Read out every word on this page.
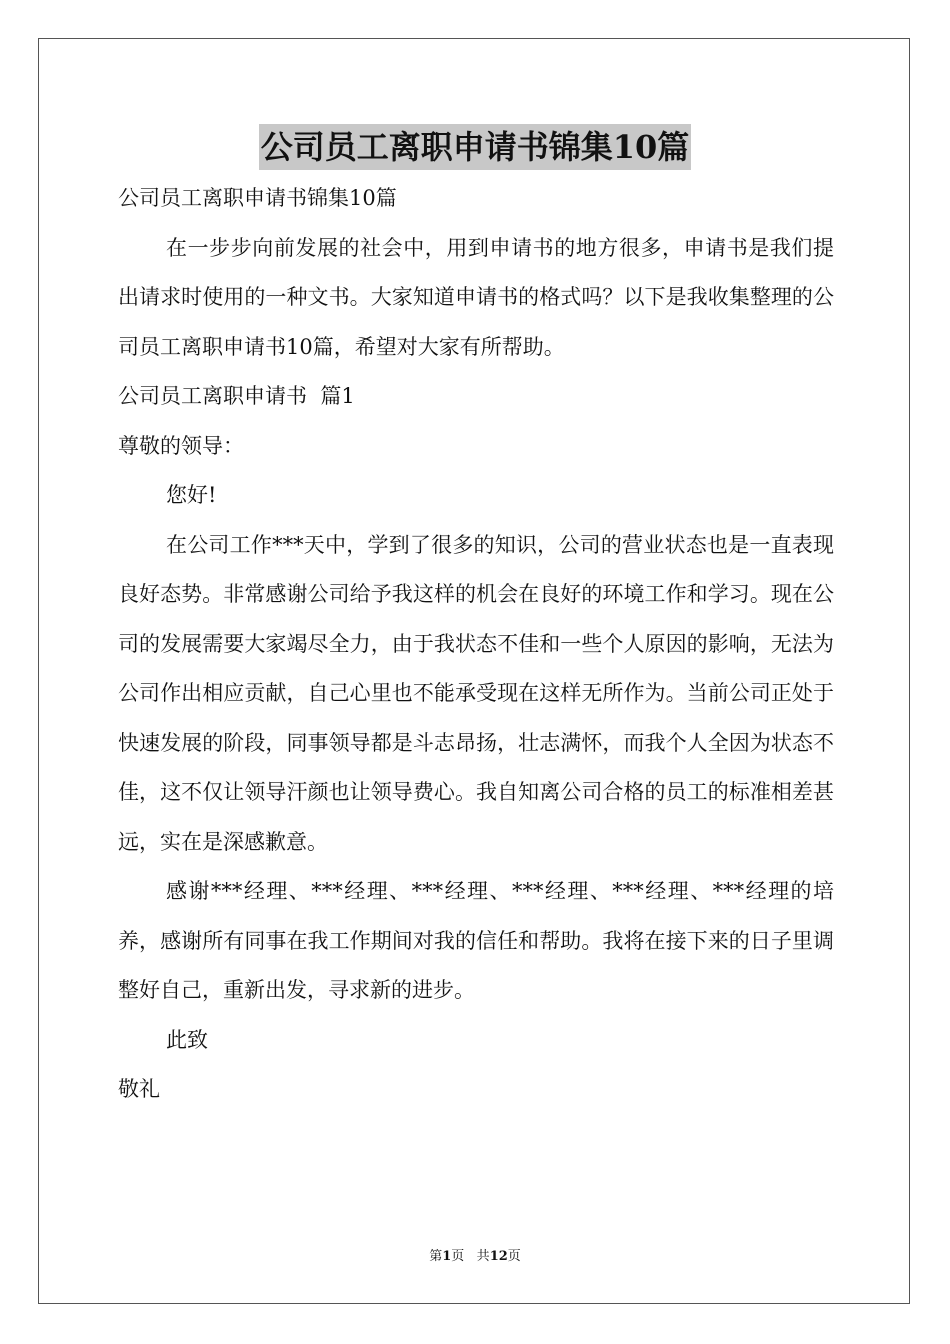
公司员工离职申请书锦集10篇

公司员工离职申请书锦集10篇

在一步步向前发展的社会中，用到申请书的地方很多，申请书是我们提出请求时使用的一种文书。大家知道申请书的格式吗？以下是我收集整理的公司员工离职申请书10篇，希望对大家有所帮助。

公司员工离职申请书  篇1

尊敬的领导：

您好!

在公司工作***天中，学到了很多的知识，公司的营业状态也是一直表现良好态势。非常感谢公司给予我这样的机会在良好的环境工作和学习。现在公司的发展需要大家竭尽全力，由于我状态不佳和一些个人原因的影响，无法为公司作出相应贡献，自己心里也不能承受现在这样无所作为。当前公司正处于快速发展的阶段，同事领导都是斗志昂扬，壮志满怀，而我个人全因为状态不佳，这不仅让领导汗颜也让领导费心。我自知离公司合格的员工的标准相差甚远，实在是深感歉意。

感谢***经理、***经理、***经理、***经理、***经理、***经理的培养，感谢所有同事在我工作期间对我的信任和帮助。我将在接下来的日子里调整好自己，重新出发，寻求新的进步。

此致

敬礼

第1页 共12页
